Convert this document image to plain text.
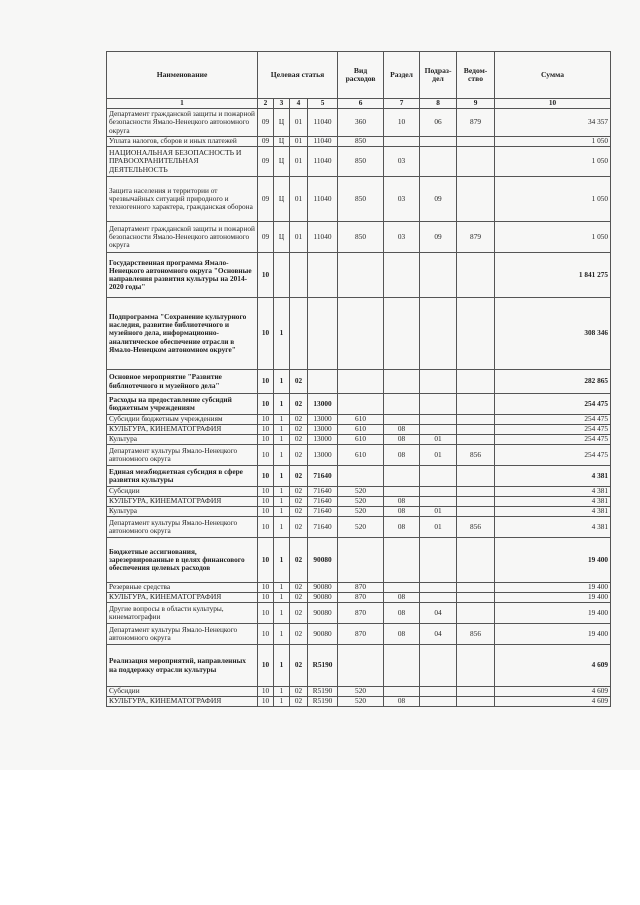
Наименование	Целевая статья				Вид расходов	Раздел	Подраз-дел	Ведом-ство	Сумма
1	2	3	4	5	6	7	8	9	10
Департамент гражданской защиты и пожарной безопасности Ямало-Ненецкого автономного округа	09	Ц	01	11040	360	10	06	879	34 357
Уплата налогов, сборов и иных платежей	09	Ц	01	11040	850				1 050
НАЦИОНАЛЬНАЯ БЕЗОПАСНОСТЬ И ПРАВООХРАНИТЕЛЬНАЯ ДЕЯТЕЛЬНОСТЬ	09	Ц	01	11040	850	03			1 050
Защита населения и территории от чрезвычайных ситуаций природного и техногенного характера, гражданская оборона	09	Ц	01	11040	850	03	09		1 050
Департамент гражданской защиты и пожарной безопасности Ямало-Ненецкого автономного округа	09	Ц	01	11040	850	03	09	879	1 050
Государственная программа Ямало-Ненецкого автономного округа "Основные направления развития культуры на 2014-2020 годы"	10								1 841 275
Подпрограмма "Сохранение культурного наследия, развитие библиотечного и музейного дела, информационно-аналитическое обеспечение отрасли в Ямало-Ненецком автономном округе"	10	1							308 346
Основное мероприятие "Развитие библиотечного и музейного дела"	10	1	02						282 865
Расходы на предоставление субсидий бюджетным учреждениям	10	1	02	13000					254 475
Субсидии бюджетным учреждениям	10	1	02	13000	610				254 475
КУЛЬТУРА, КИНЕМАТОГРАФИЯ	10	1	02	13000	610	08			254 475
Культура	10	1	02	13000	610	08	01		254 475
Департамент культуры Ямало-Ненецкого автономного округа	10	1	02	13000	610	08	01	856	254 475
Единая межбюджетная субсидия в сфере развития культуры	10	1	02	71640					4 381
Субсидии	10	1	02	71640	520				4 381
КУЛЬТУРА, КИНЕМАТОГРАФИЯ	10	1	02	71640	520	08			4 381
Культура	10	1	02	71640	520	08	01		4 381
Департамент культуры Ямало-Ненецкого автономного округа	10	1	02	71640	520	08	01	856	4 381
Бюджетные ассигнования, зарезервированные в целях финансового обеспечения целевых расходов	10	1	02	90080					19 400
Резервные средства	10	1	02	90080	870				19 400
КУЛЬТУРА, КИНЕМАТОГРАФИЯ	10	1	02	90080	870	08			19 400
Другие вопросы в области культуры, кинематографии	10	1	02	90080	870	08	04		19 400
Департамент культуры Ямало-Ненецкого автономного округа	10	1	02	90080	870	08	04	856	19 400
Реализация мероприятий, направленных на поддержку отрасли культуры	10	1	02	R5190					4 609
Субсидии	10	1	02	R5190	520				4 609
КУЛЬТУРА, КИНЕМАТОГРАФИЯ	10	1	02	R5190	520	08			4 609
